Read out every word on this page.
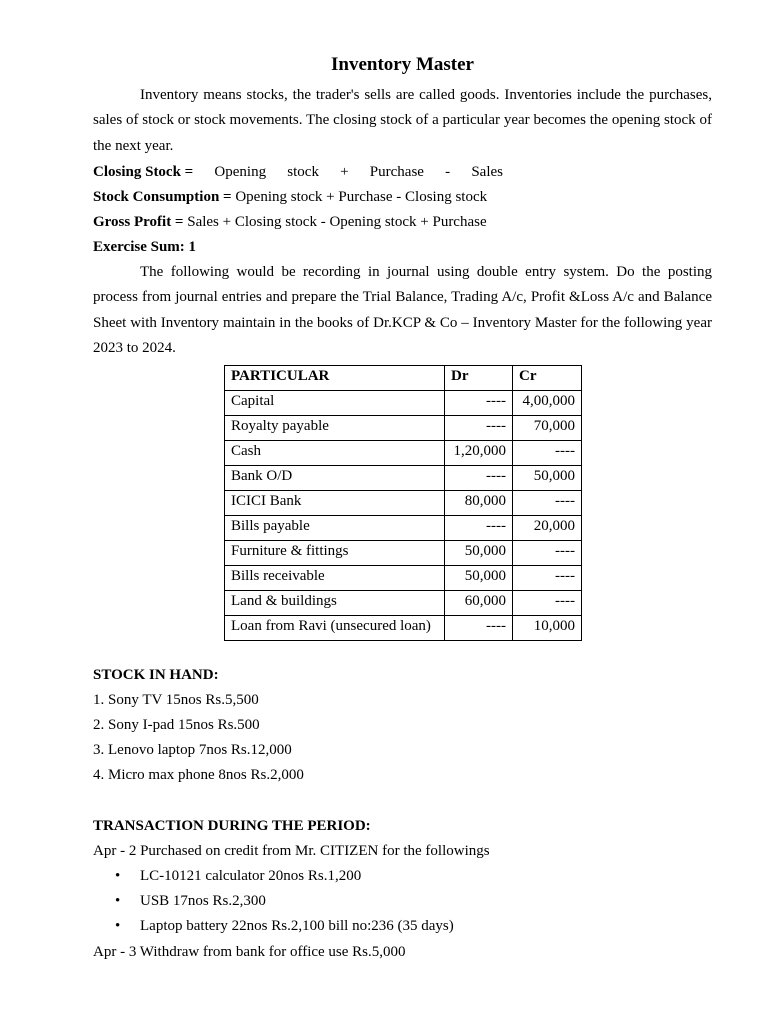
Inventory Master
Inventory means stocks, the trader's sells are called goods. Inventories include the purchases, sales of stock or stock movements. The closing stock of a particular year becomes the opening stock of the next year.
Closing Stock = Opening stock + Purchase - Sales
Stock Consumption = Opening stock + Purchase - Closing stock
Gross Profit = Sales + Closing stock - Opening stock + Purchase
Exercise Sum: 1
The following would be recording in journal using double entry system. Do the posting process from journal entries and prepare the Trial Balance, Trading A/c, Profit &Loss A/c and Balance Sheet with Inventory maintain in the books of Dr.KCP & Co – Inventory Master for the following year 2023 to 2024.
PARTICULAR	Dr	Cr
Capital	----	4,00,000
Royalty payable	----	70,000
Cash	1,20,000	----
Bank O/D	----	50,000
ICICI Bank	80,000	----
Bills payable	----	20,000
Furniture & fittings	50,000	----
Bills receivable	50,000	----
Land & buildings	60,000	----
Loan from Ravi (unsecured loan)	----	10,000
STOCK IN HAND:
1. Sony TV 15nos Rs.5,500
2. Sony I-pad 15nos Rs.500
3. Lenovo laptop 7nos Rs.12,000
4. Micro max phone 8nos Rs.2,000
TRANSACTION DURING THE PERIOD:
Apr - 2 Purchased on credit from Mr. CITIZEN for the followings
• LC-10121 calculator 20nos Rs.1,200
• USB 17nos Rs.2,300
• Laptop battery 22nos Rs.2,100 bill no:236 (35 days)
Apr - 3 Withdraw from bank for office use Rs.5,000
